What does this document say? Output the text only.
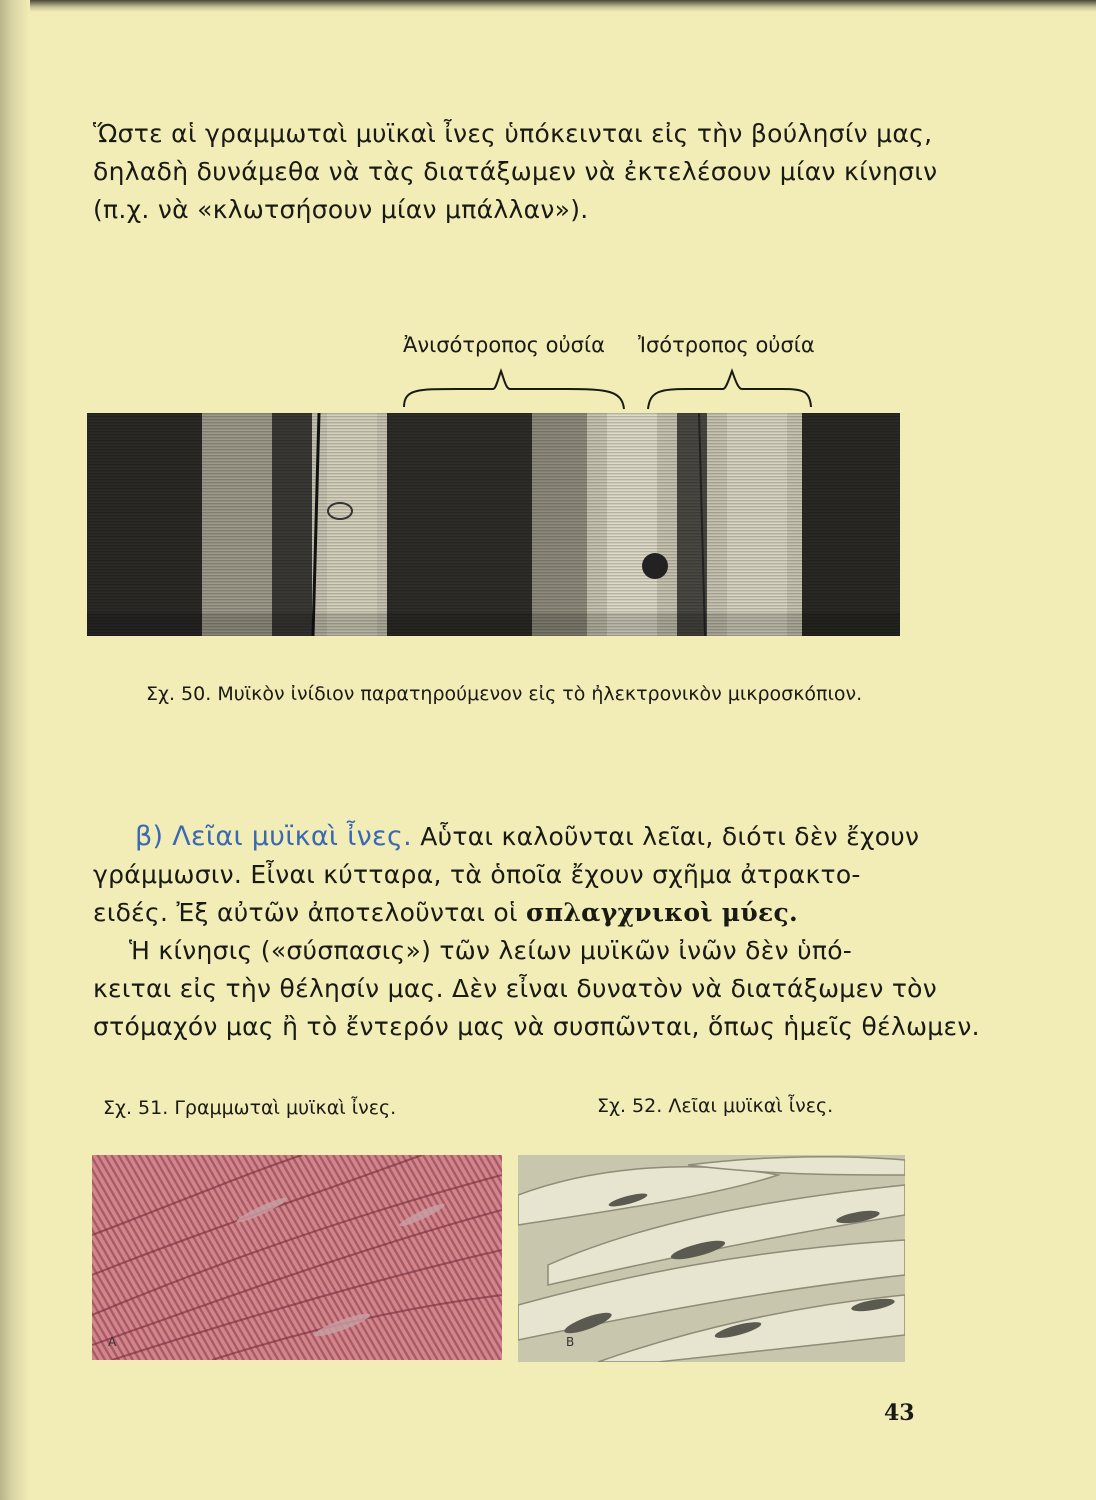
Ὥστε αἱ γραμμωταὶ μυϊκαὶ ἶνες ὑπόκεινται εἰς τὴν βούλησίν μας,
δηλαδὴ δυνάμεθα νὰ τὰς διατάξωμεν νὰ ἐκτελέσουν μίαν κίνησιν
(π.χ. νὰ «κλωτσήσουν μίαν μπάλλαν»).
Ἀνισότροπος οὐσία Ἰσότροπος οὐσία
Σχ. 50. Μυϊκὸν ἰνίδιον παρατηρούμενον εἰς τὸ ἠλεκτρονικὸν μικροσκόπιον.
β) Λεῖαι μυϊκαὶ ἶνες. Αὗται καλοῦνται λεῖαι, διότι δὲν ἔχουν
γράμμωσιν. Εἶναι κύτταρα, τὰ ὁποῖα ἔχουν σχῆμα ἀτρακτο-
ειδές. Ἐξ αὐτῶν ἀποτελοῦνται οἱ σπλαγχνικοὶ μύες.
Ἡ κίνησις («σύσπασις») τῶν λείων μυϊκῶν ἰνῶν δὲν ὑπό-
κειται εἰς τὴν θέλησίν μας. Δὲν εἶναι δυνατὸν νὰ διατάξωμεν τὸν
στόμαχόν μας ἢ τὸ ἔντερόν μας νὰ συσπῶνται, ὅπως ἡμεῖς θέλωμεν.
Σχ. 51. Γραμμωταὶ μυϊκαὶ ἶνες.	Σχ. 52. Λεῖαι μυϊκαὶ ἶνες.
A	B
43
